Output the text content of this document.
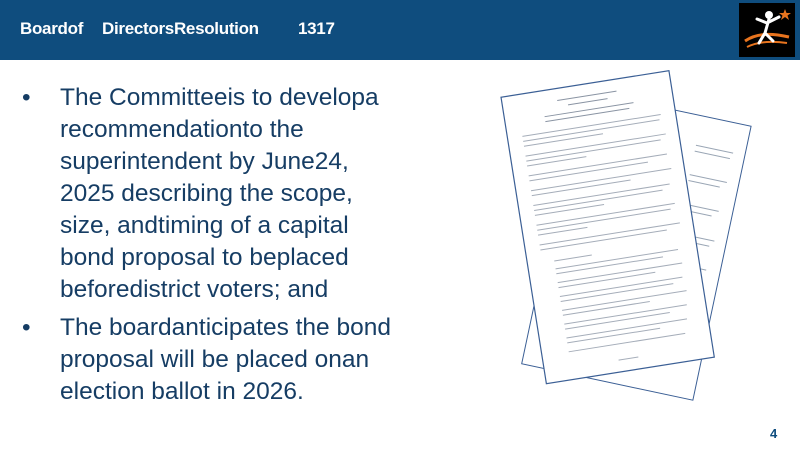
Boardof DirectorsResolution 1317
•	The Committeeis to developa
recommendationto the
superintendent by June24,
2025 describing the scope,
size, andtiming of a capital
bond proposal to beplaced
beforedistrict voters; and
•	The boardanticipates the bond
proposal will be placed onan
election ballot in 2026.
4
